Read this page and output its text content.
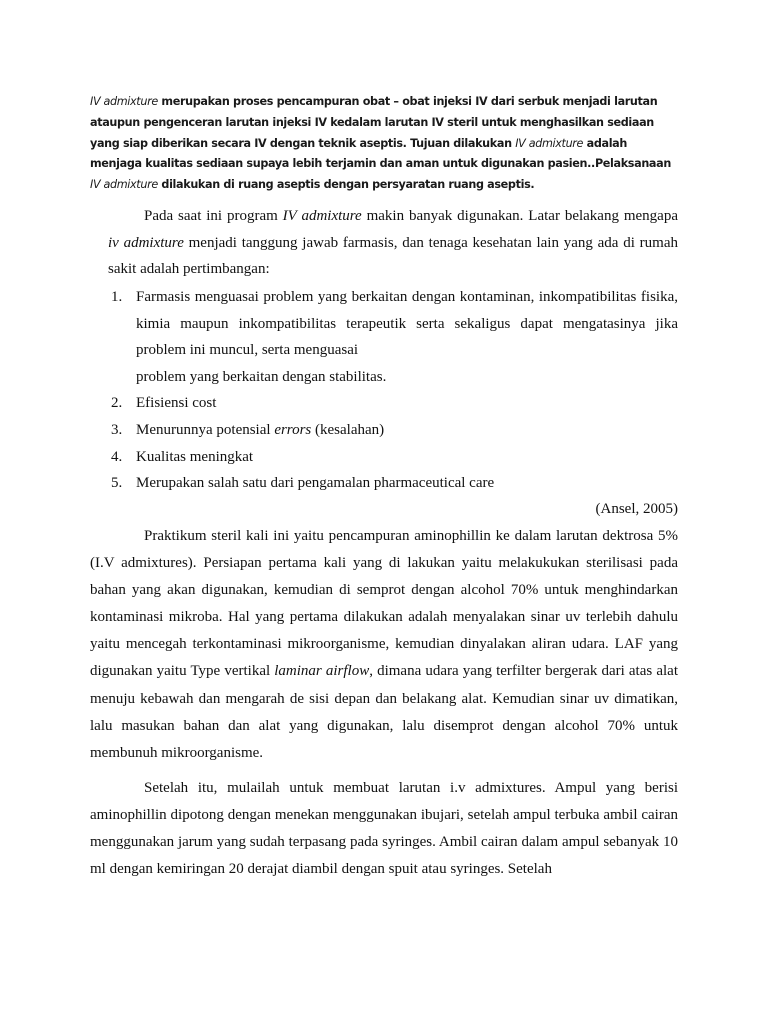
IV admixture merupakan proses pencampuran obat – obat injeksi IV dari serbuk menjadi larutan ataupun pengenceran larutan injeksi IV kedalam larutan IV steril untuk menghasilkan sediaan yang siap diberikan secara IV dengan teknik aseptis. Tujuan dilakukan IV admixture adalah menjaga kualitas sediaan supaya lebih terjamin dan aman untuk digunakan pasien..Pelaksanaan IV admixture dilakukan di ruang aseptis dengan persyaratan ruang aseptis.
Pada saat ini program IV admixture makin banyak digunakan. Latar belakang mengapa iv admixture menjadi tanggung jawab farmasis, dan tenaga kesehatan lain yang ada di rumah sakit adalah pertimbangan:
1. Farmasis menguasai problem yang berkaitan dengan kontaminan, inkompatibilitas fisika, kimia maupun inkompatibilitas terapeutik serta sekaligus dapat mengatasinya jika problem ini muncul, serta menguasai
problem yang berkaitan dengan stabilitas.
2. Efisiensi cost
3. Menurunnya potensial errors (kesalahan)
4. Kualitas meningkat
5. Merupakan salah satu dari pengamalan pharmaceutical care
(Ansel, 2005)
Praktikum steril kali ini yaitu pencampuran aminophillin ke dalam larutan dektrosa 5% (I.V admixtures). Persiapan pertama kali yang di lakukan yaitu melakukukan sterilisasi pada bahan yang akan digunakan, kemudian di semprot dengan alcohol 70% untuk menghindarkan kontaminasi mikroba. Hal yang pertama dilakukan adalah menyalakan sinar uv terlebih dahulu yaitu mencegah terkontaminasi mikroorganisme, kemudian dinyalakan aliran udara. LAF yang digunakan yaitu Type vertikal laminar airflow, dimana udara yang terfilter bergerak dari atas alat menuju kebawah dan mengarah de sisi depan dan belakang alat. Kemudian sinar uv dimatikan, lalu masukan bahan dan alat yang digunakan, lalu disemprot dengan alcohol 70% untuk membunuh mikroorganisme.
Setelah itu, mulailah untuk membuat larutan i.v admixtures. Ampul yang berisi aminophillin dipotong dengan menekan menggunakan ibujari, setelah ampul terbuka ambil cairan menggunakan jarum yang sudah terpasang pada syringes. Ambil cairan dalam ampul sebanyak 10 ml dengan kemiringan 20 derajat diambil dengan spuit atau syringes. Setelah
